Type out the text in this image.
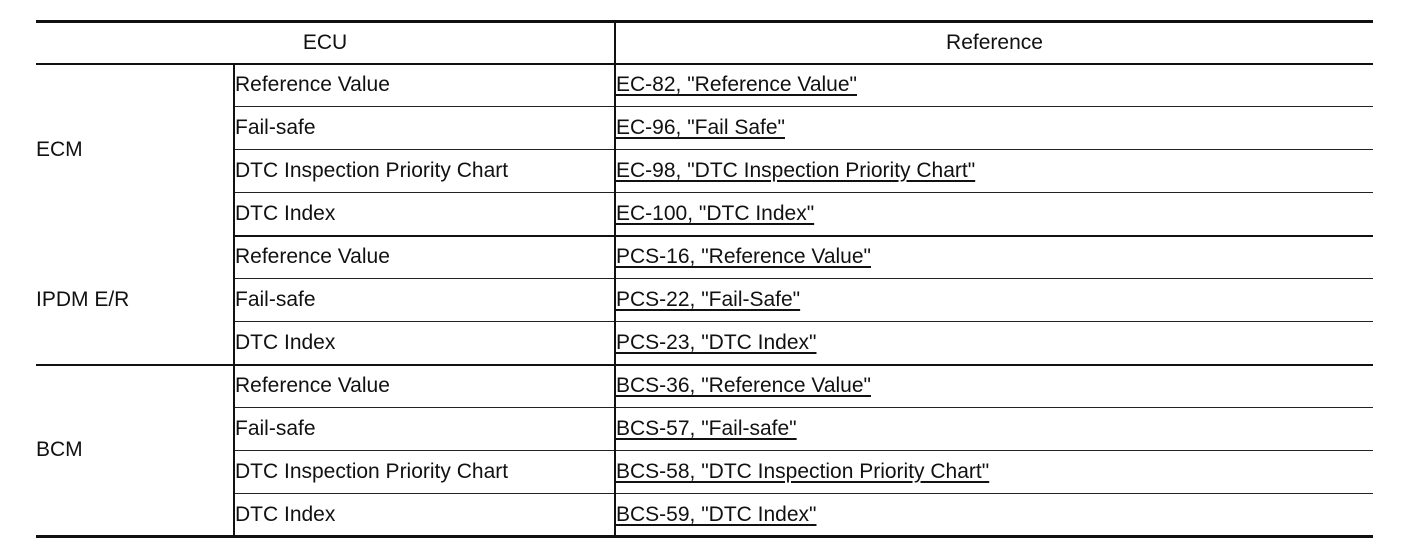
ECU		Reference
ECM	Reference Value	EC-82, "Reference Value"
	Fail-safe	EC-96, "Fail Safe"
	DTC Inspection Priority Chart	EC-98, "DTC Inspection Priority Chart"
	DTC Index	EC-100, "DTC Index"
IPDM E/R	Reference Value	PCS-16, "Reference Value"
	Fail-safe	PCS-22, "Fail-Safe"
	DTC Index	PCS-23, "DTC Index"
BCM	Reference Value	BCS-36, "Reference Value"
	Fail-safe	BCS-57, "Fail-safe"
	DTC Inspection Priority Chart	BCS-58, "DTC Inspection Priority Chart"
	DTC Index	BCS-59, "DTC Index"
